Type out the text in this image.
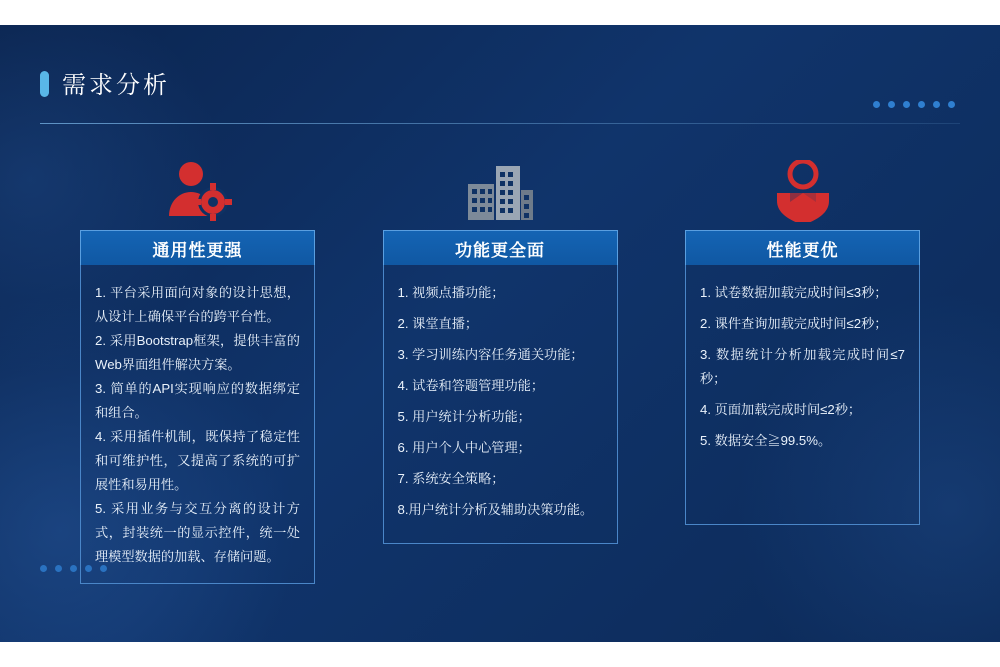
需求分析
通用性更强

1. 平台采用面向对象的设计思想，从设计上确保平台的跨平台性。

2. 采用Bootstrap框架，提供丰富的Web界面组件解决方案。

3. 简单的API实现响应的数据绑定和组合。

4. 采用插件机制，既保持了稳定性和可维护性，又提高了系统的可扩展性和易用性。

5. 采用业务与交互分离的设计方式，封装统一的显示控件，统一处理模型数据的加载、存储问题。

功能更全面

1. 视频点播功能；

2. 课堂直播；

3. 学习训练内容任务通关功能；

4. 试卷和答题管理功能；

5. 用户统计分析功能；

6. 用户个人中心管理；

7. 系统安全策略；

8.用户统计分析及辅助决策功能。

性能更优

1. 试卷数据加载完成时间≤3秒；

2. 课件查询加载完成时间≤2秒；

3. 数据统计分析加载完成时间≤7秒；

4. 页面加载完成时间≤2秒；

5. 数据安全≧99.5%。
